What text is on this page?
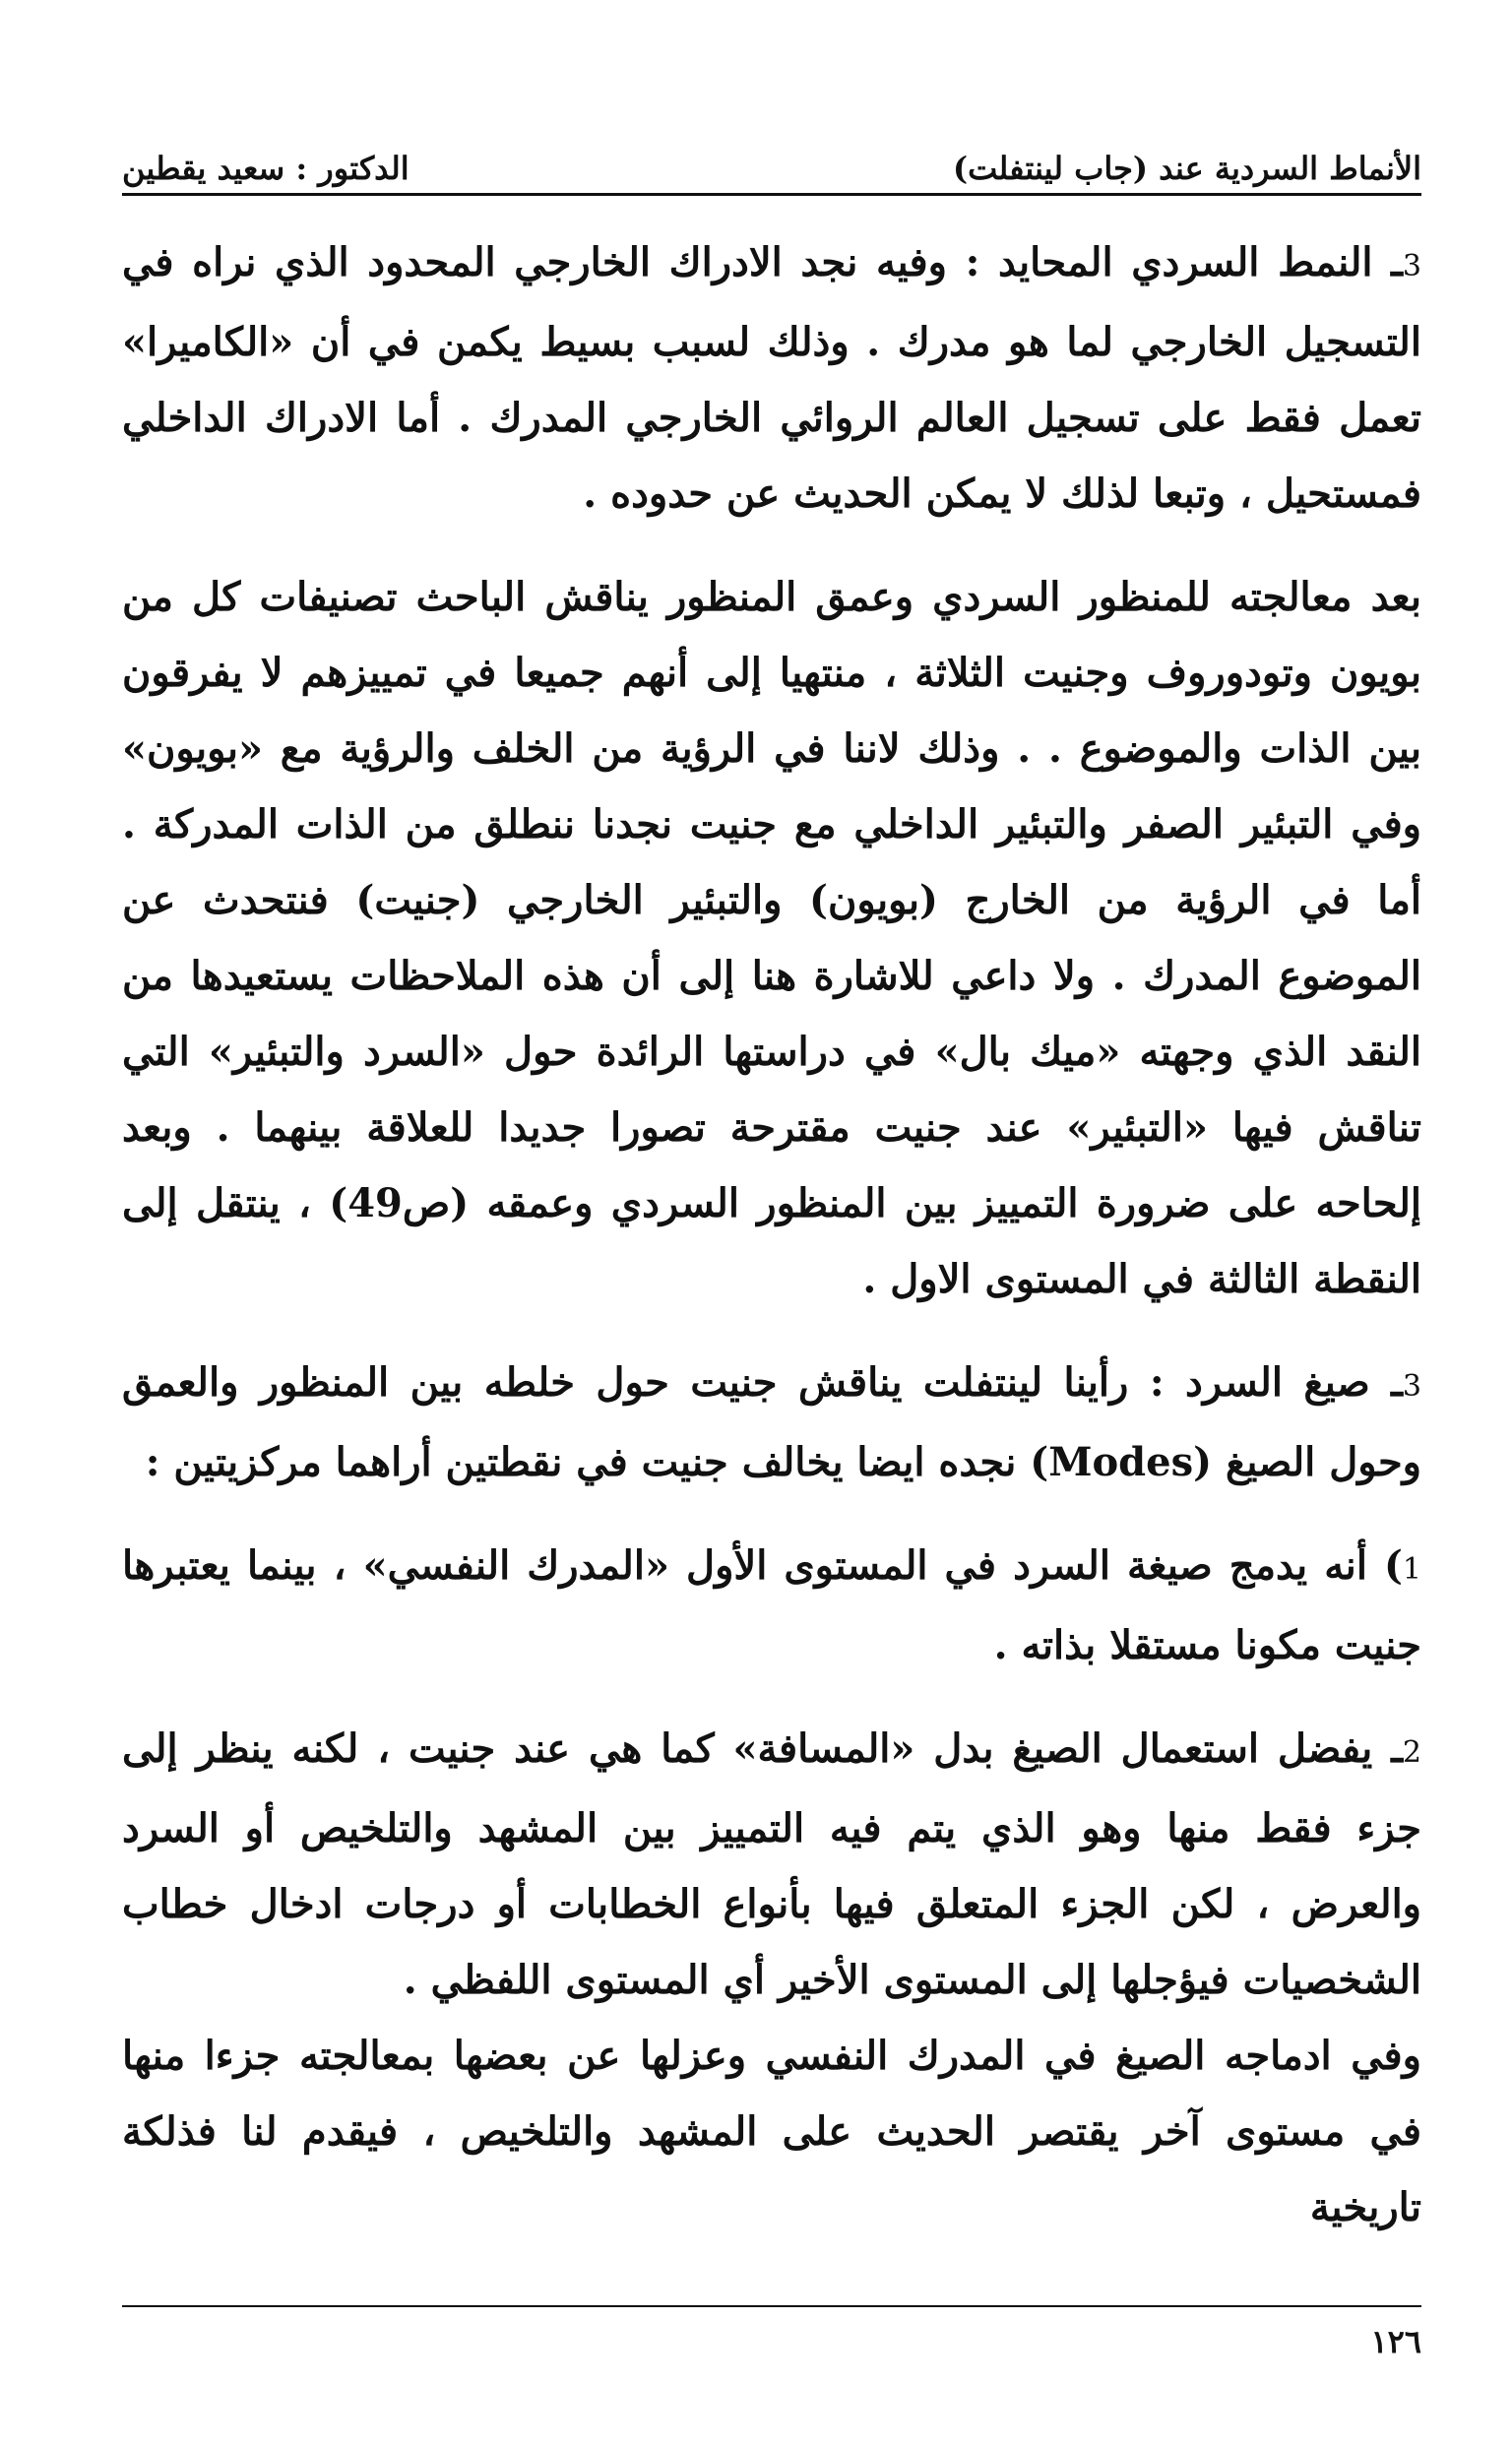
الأنماط السردية عند (جاب لينتفلت)
الدكتور : سعيد يقطين

3ـ النمط السردي المحايد : وفيه نجد الادراك الخارجي المحدود الذي نراه في التسجيل الخارجي لما هو مدرك . وذلك لسبب بسيط يكمن في أن «الكاميرا» تعمل فقط على تسجيل العالم الروائي الخارجي المدرك . أما الادراك الداخلي فمستحيل ، وتبعا لذلك لا يمكن الحديث عن حدوده .

بعد معالجته للمنظور السردي وعمق المنظور يناقش الباحث تصنيفات كل من بويون وتودوروف وجنيت الثلاثة ، منتهيا إلى أنهم جميعا في تمييزهم لا يفرقون بين الذات والموضوع . . وذلك لاننا في الرؤية من الخلف والرؤية مع «بويون» وفي التبئير الصفر والتبئير الداخلي مع جنيت نجدنا ننطلق من الذات المدركة . أما في الرؤية من الخارج (بويون) والتبئير الخارجي (جنيت) فنتحدث عن الموضوع المدرك . ولا داعي للاشارة هنا إلى أن هذه الملاحظات يستعيدها من النقد الذي وجهته «ميك بال» في دراستها الرائدة حول «السرد والتبئير» التي تناقش فيها «التبئير» عند جنيت مقترحة تصورا جديدا للعلاقة بينهما . وبعد إلحاحه على ضرورة التمييز بين المنظور السردي وعمقه (ص49) ، ينتقل إلى النقطة الثالثة في المستوى الاول .

3ـ صيغ السرد : رأينا لينتفلت يناقش جنيت حول خلطه بين المنظور والعمق وحول الصيغ (Modes) نجده ايضا يخالف جنيت في نقطتين أراهما مركزيتين :

1) أنه يدمج صيغة السرد في المستوى الأول «المدرك النفسي» ، بينما يعتبرها جنيت مكونا مستقلا بذاته .

2ـ يفضل استعمال الصيغ بدل «المسافة» كما هي عند جنيت ، لكنه ينظر إلى جزء فقط منها وهو الذي يتم فيه التمييز بين المشهد والتلخيص أو السرد والعرض ، لكن الجزء المتعلق فيها بأنواع الخطابات أو درجات ادخال خطاب الشخصيات فيؤجلها إلى المستوى الأخير أي المستوى اللفظي .

وفي ادماجه الصيغ في المدرك النفسي وعزلها عن بعضها بمعالجته جزءا منها في مستوى آخر يقتصر الحديث على المشهد والتلخيص ، فيقدم لنا فذلكة تاريخية

١٢٦
